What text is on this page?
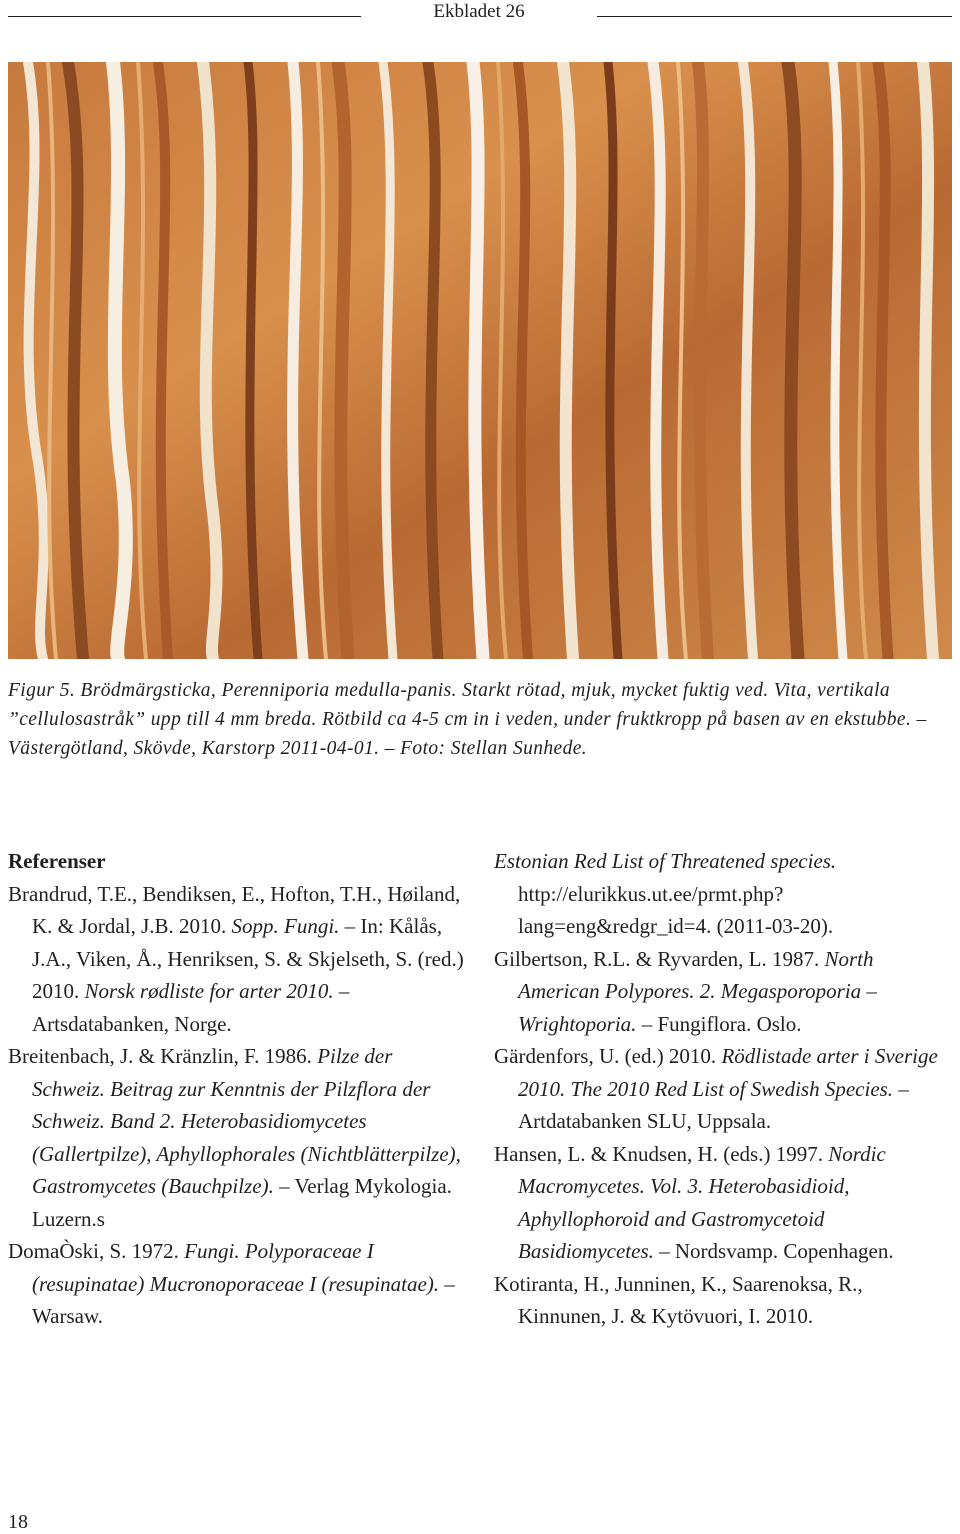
Ekbladet 26
Figur 5. Brödmärgsticka, Perenniporia medulla-panis. Starkt rötad, mjuk, mycket fuktig ved. Vita, vertikala ”cellulosastråk” upp till 4 mm breda. Rötbild ca 4-5 cm in i veden, under fruktkropp på basen av en ekstubbe. – Västergötland, Skövde, Karstorp 2011-04-01. – Foto: Stellan Sunhede.
Referenser
Brandrud, T.E., Bendiksen, E., Hofton, T.H., Høiland, K. & Jordal, J.B. 2010. Sopp. Fungi. – In: Kålås, J.A., Viken, Å., Henriksen, S. & Skjelseth, S. (red.) 2010. Norsk rødliste for arter 2010. – Artsdatabanken, Norge.
Breitenbach, J. & Kränzlin, F. 1986. Pilze der Schweiz. Beitrag zur Kenntnis der Pilzflora der Schweiz. Band 2. Heterobasidiomycetes (Gallertpilze), Aphyllophorales (Nichtblätterpilze), Gastromycetes (Bauchpilze). – Verlag Mykologia. Luzern.s
DomaÒski, S. 1972. Fungi. Polyporaceae I (resupinatae) Mucronoporaceae I (resupinatae). – Warsaw.
Estonian Red List of Threatened species. http://elurikkus.ut.ee/prmt.php?lang=eng&redgr_id=4. (2011-03-20).
Gilbertson, R.L. & Ryvarden, L. 1987. North American Polypores. 2. Megasporoporia – Wrightoporia. – Fungiflora. Oslo.
Gärdenfors, U. (ed.) 2010. Rödlistade arter i Sverige 2010. The 2010 Red List of Swedish Species. – Artdatabanken SLU, Uppsala.
Hansen, L. & Knudsen, H. (eds.) 1997. Nordic Macromycetes. Vol. 3. Heterobasidioid, Aphyllophoroid and Gastromycetoid Basidiomycetes. – Nordsvamp. Copenhagen.
Kotiranta, H., Junninen, K., Saarenoksa, R., Kinnunen, J. & Kytövuori, I. 2010.
18
